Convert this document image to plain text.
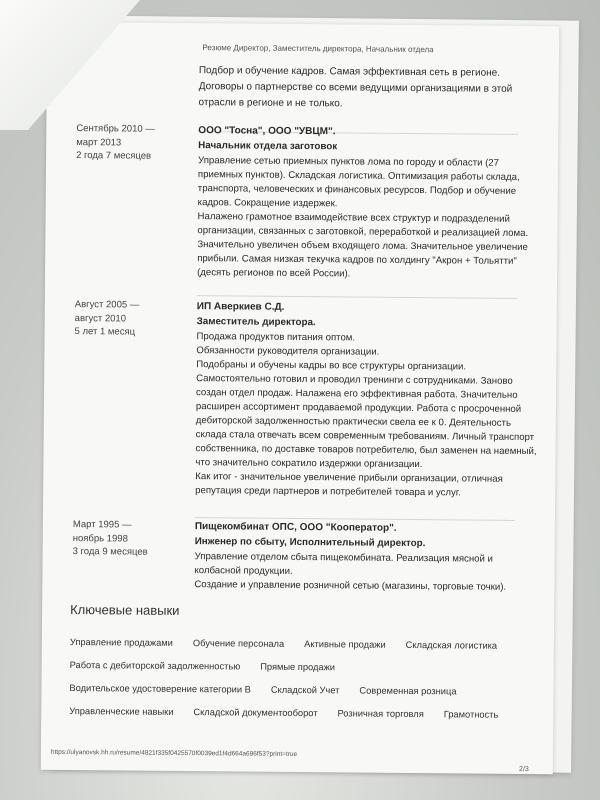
Резюме Директор, Заместитель директора, Начальник отдела
Подбор и обучение кадров. Самая эффективная сеть в регионе. Договоры о партнерстве со всеми ведущими организациями в этой отрасли в регионе и не только.
Сентябрь 2010 —
март 2013
2 года 7 месяцев
ООО "Тосна", ООО "УВЦМ".
Начальник отдела заготовок

Управление сетью приемных пунктов лома по городу и области (27 приемных пунктов). Складская логистика. Оптимизация работы склада, транспорта, человеческих и финансовых ресурсов. Подбор и обучение кадров. Сокращение издержек.

Налажено грамотное взаимодействие всех структур и подразделений организации, связанных с заготовкой, переработкой и реализацией лома. Значительно увеличен объем входящего лома. Значительное увеличение прибыли. Самая низкая текучка кадров по холдингу "Акрон + Тольятти" (десять регионов по всей России).

Август 2005 —
август 2010
5 лет 1 месяц
ИП Аверкиев С.Д.
Заместитель директора.

Продажа продуктов питания оптом.

Обязанности руководителя организации.

Подобраны и обучены кадры во все структуры организации. Самостоятельно готовил и проводил тренинги с сотрудниками. Заново создан отдел продаж. Налажена его эффективная работа. Значительно расширен ассортимент продаваемой продукции. Работа с просроченной дебиторской задолженностью практически свела ее к 0. Деятельность склада стала отвечать всем современным требованиям. Личный транспорт собственника, по доставке товаров потребителю, был заменен на наемный, что значительно сократило издержки организации.

Как итог - значительное увеличение прибыли организации, отличная репутация среди партнеров и потребителей товара и услуг.

Март 1995 —
ноябрь 1998
3 года 9 месяцев
Пищекомбинат ОПС, ООО "Кооператор".
Инженер по сбыту, Исполнительный директор.

Управление отделом сбыта пищекомбината. Реализация мясной и колбасной продукции.

Создание и управление розничной сетью (магазины, торговые точки).

Ключевые навыки
Управление продажами Обучение персонала Активные продажи Складская логистика
Работа с дебиторской задолженностью Прямые продажи
Водительское удостоверение категории B Складской Учет Современная розница
Управленческие навыки Складской документооборот Розничная торговля Грамотность
https://ulyanovsk.hh.ru/resume/4821f335f0425570f0039ed1f4d664a696f53?print=true
2/3
